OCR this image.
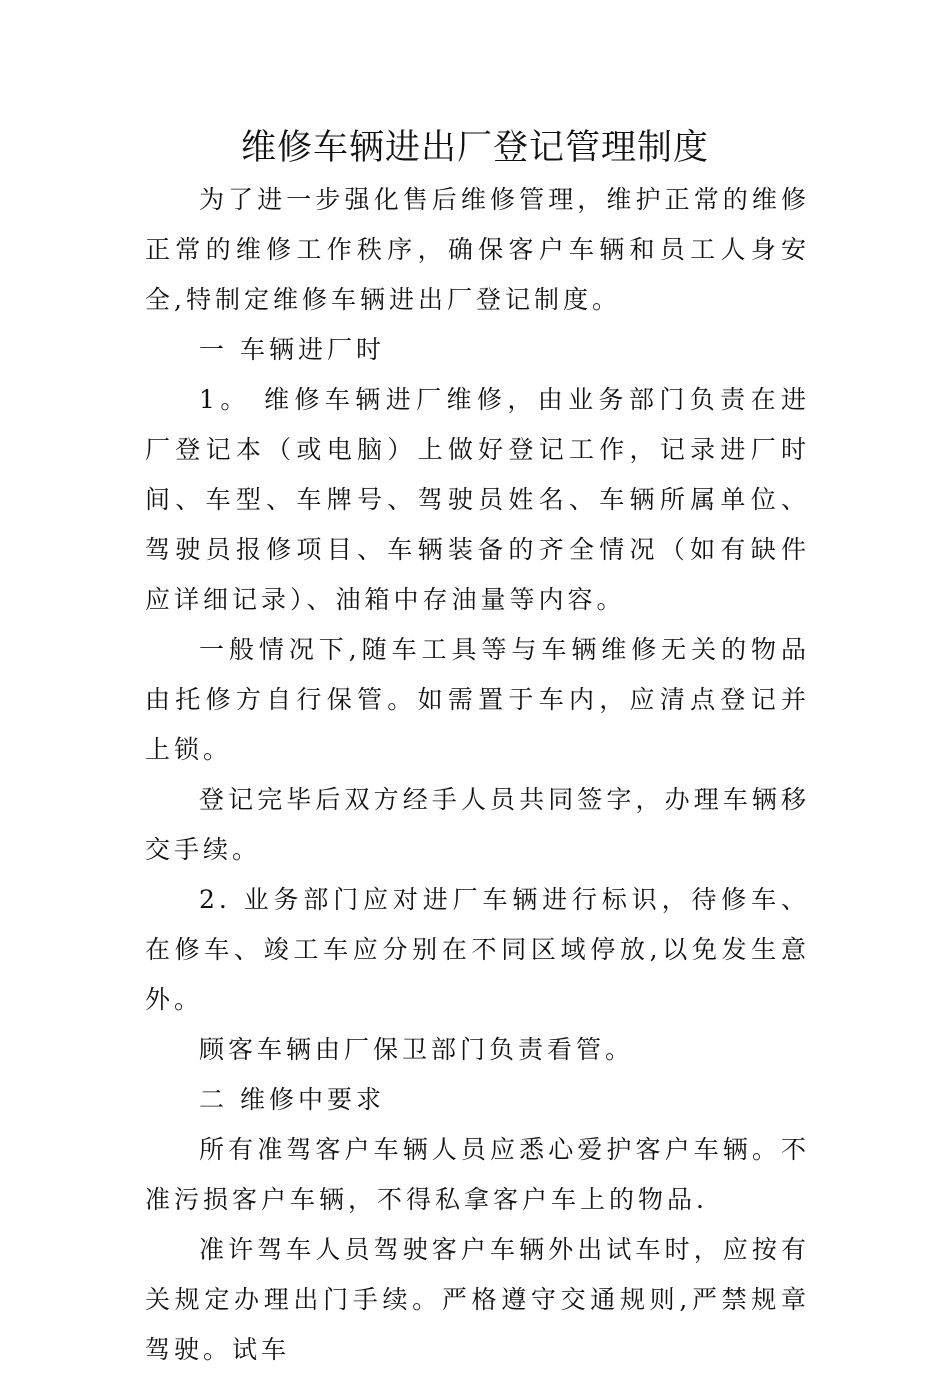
维修车辆进出厂登记管理制度

为了进一步强化售后维修管理，维护正常的维修正常的维修工作秩序，确保客户车辆和员工人身安全,特制定维修车辆进出厂登记制度。

一 车辆进厂时

1。 维修车辆进厂维修，由业务部门负责在进厂登记本（或电脑）上做好登记工作，记录进厂时间、车型、车牌号、驾驶员姓名、车辆所属单位、驾驶员报修项目、车辆装备的齐全情况（如有缺件应详细记录）、油箱中存油量等内容。

一般情况下,随车工具等与车辆维修无关的物品由托修方自行保管。如需置于车内，应清点登记并上锁。

登记完毕后双方经手人员共同签字，办理车辆移交手续。

2. 业务部门应对进厂车辆进行标识，待修车、在修车、竣工车应分别在不同区域停放,以免发生意外。

顾客车辆由厂保卫部门负责看管。

二 维修中要求

所有准驾客户车辆人员应悉心爱护客户车辆。不准污损客户车辆，不得私拿客户车上的物品.

准许驾车人员驾驶客户车辆外出试车时，应按有关规定办理出门手续。严格遵守交通规则,严禁规章驾驶。试车
